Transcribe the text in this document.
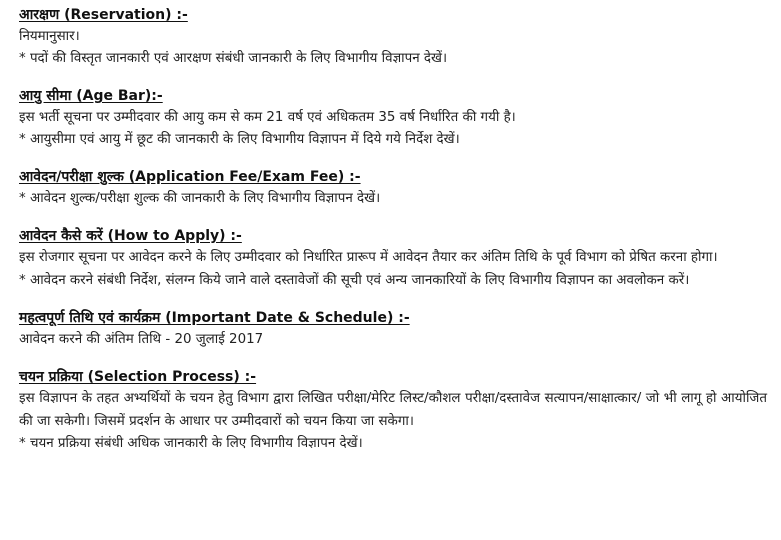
आरक्षण (Reservation) :-
नियमानुसार।
* पदों की विस्तृत जानकारी एवं आरक्षण संबंधी जानकारी के लिए विभागीय विज्ञापन देखें।
आयु सीमा (Age Bar):-
इस भर्ती सूचना पर उम्मीदवार की आयु कम से कम 21 वर्ष एवं अधिकतम 35 वर्ष निर्धारित की गयी है।
* आयुसीमा एवं आयु में छूट की जानकारी के लिए विभागीय विज्ञापन में दिये गये निर्देश देखें।
आवेदन/परीक्षा शुल्क (Application Fee/Exam Fee) :-
* आवेदन शुल्क/परीक्षा शुल्क की जानकारी के लिए विभागीय विज्ञापन देखें।
आवेदन कैसे करें (How to Apply) :-
इस रोजगार सूचना पर आवेदन करने के लिए उम्मीदवार को निर्धारित प्रारूप में आवेदन तैयार कर अंतिम तिथि के पूर्व विभाग को प्रेषित करना होगा।
* आवेदन करने संबंधी निर्देश, संलग्न किये जाने वाले दस्तावेजों की सूची एवं अन्य जानकारियों के लिए विभागीय विज्ञापन का अवलोकन करें।
महत्वपूर्ण तिथि एवं कार्यक्रम (Important Date & Schedule) :-
आवेदन करने की अंतिम तिथि - 20 जुलाई 2017
चयन प्रक्रिया (Selection Process) :-
इस विज्ञापन के तहत अभ्यर्थियों के चयन हेतु विभाग द्वारा लिखित परीक्षा/मेरिट लिस्ट/कौशल परीक्षा/दस्तावेज सत्यापन/साक्षात्कार/ जो भी लागू हो आयोजित की जा सकेगी। जिसमें प्रदर्शन के आधार पर उम्मीदवारों को चयन किया जा सकेगा।
* चयन प्रक्रिया संबंधी अधिक जानकारी के लिए विभागीय विज्ञापन देखें।
